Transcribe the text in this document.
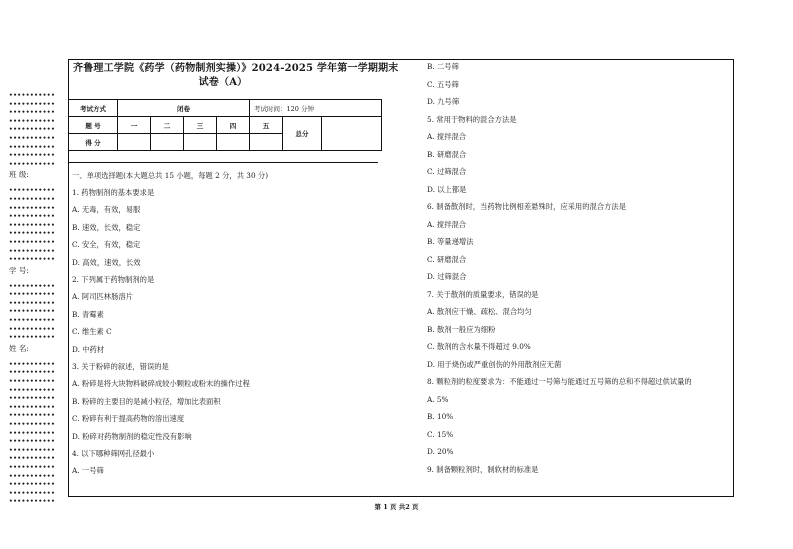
•••••••••••
•••••••••••
•••••••••••
•••••••••••
•••••••••••
•••••••••••
•••••••••••
•••••••••••
•••••••••••
班 级:
•••••••••••
•••••••••••
•••••••••••
•••••••••••
•••••••••••
•••••••••••
•••••••••••
•••••••••••
•••••••••••
学 号:
•••••••••••
•••••••••••
•••••••••••
•••••••••••
•••••••••••
•••••••••••
•••••••••••
姓 名:
•••••••••••
•••••••••••
•••••••••••
•••••••••••
•••••••••••
•••••••••••
•••••••••••
•••••••••••
•••••••••••
•••••••••••
•••••••••••
•••••••••••
•••••••••••
•••••••••••
•••••••••••
•••••••••••
•••••••••••
齐鲁理工学院《药学（药物制剂实操）》2024-2025 学年第一学期期末
试卷（A）
考试方式	闭卷				考试时间：120 分钟		
题 号	一	二	三	四	五	总分	
得 分							
一、单项选择题(本大题总共 15 小题，每题 2 分，共 30 分)
1. 药物制剂的基本要求是
A. 无毒，有效，易服
B. 速效，长效，稳定
C. 安全，有效，稳定
D. 高效，速效，长效
2. 下列属于药物制剂的是
A. 阿司匹林肠溶片
B. 青霉素
C. 维生素 C
D. 中药材
3. 关于粉碎的叙述，错误的是
A. 粉碎是将大块物料破碎成较小颗粒或粉末的操作过程
B. 粉碎的主要目的是减小粒径，增加比表面积
C. 粉碎有利于提高药物的溶出速度
D. 粉碎对药物制剂的稳定性没有影响
4. 以下哪种筛网孔径最小
A. 一号筛
B. 二号筛
C. 五号筛
D. 九号筛
5. 常用于物料的混合方法是
A. 搅拌混合
B. 研磨混合
C. 过筛混合
D. 以上都是
6. 制备散剂时，当药物比例相差悬殊时，应采用的混合方法是
A. 搅拌混合
B. 等量递增法
C. 研磨混合
D. 过筛混合
7. 关于散剂的质量要求，错误的是
A. 散剂应干燥、疏松、混合均匀
B. 散剂一般应为细粉
C. 散剂的含水量不得超过 9.0%
D. 用于烧伤或严重创伤的外用散剂应无菌
8. 颗粒剂的粒度要求为：不能通过一号筛与能通过五号筛的总和不得超过供试量的
A. 5%
B. 10%
C. 15%
D. 20%
9. 制备颗粒剂时，制软材的标准是
第 1 页 共2 页
